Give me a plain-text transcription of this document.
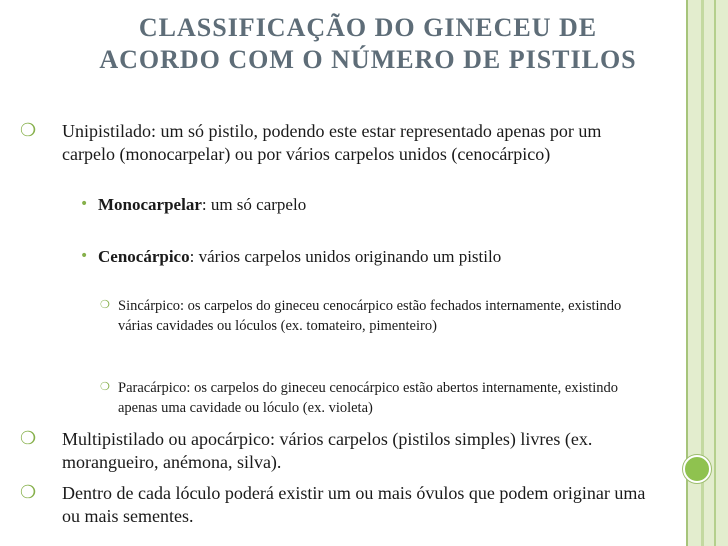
CLASSIFICAÇÃO DO GINECEU DE
ACORDO COM O NÚMERO DE PISTILOS
❍ Unipistilado: um só pistilo, podendo este estar representado apenas por um carpelo (monocarpelar) ou por vários carpelos unidos (cenocárpico)
• Monocarpelar: um só carpelo
• Cenocárpico: vários carpelos unidos originando um pistilo
❍ Sincárpico: os carpelos do gineceu cenocárpico estão fechados internamente, existindo várias cavidades ou lóculos (ex. tomateiro, pimenteiro)
❍ Paracárpico: os carpelos do gineceu cenocárpico estão abertos internamente, existindo apenas uma cavidade ou lóculo (ex. violeta)
❍ Multipistilado ou apocárpico: vários carpelos (pistilos simples) livres (ex. morangueiro, anémona, silva).
❍ Dentro de cada lóculo poderá existir um ou mais óvulos que podem originar uma ou mais sementes.
